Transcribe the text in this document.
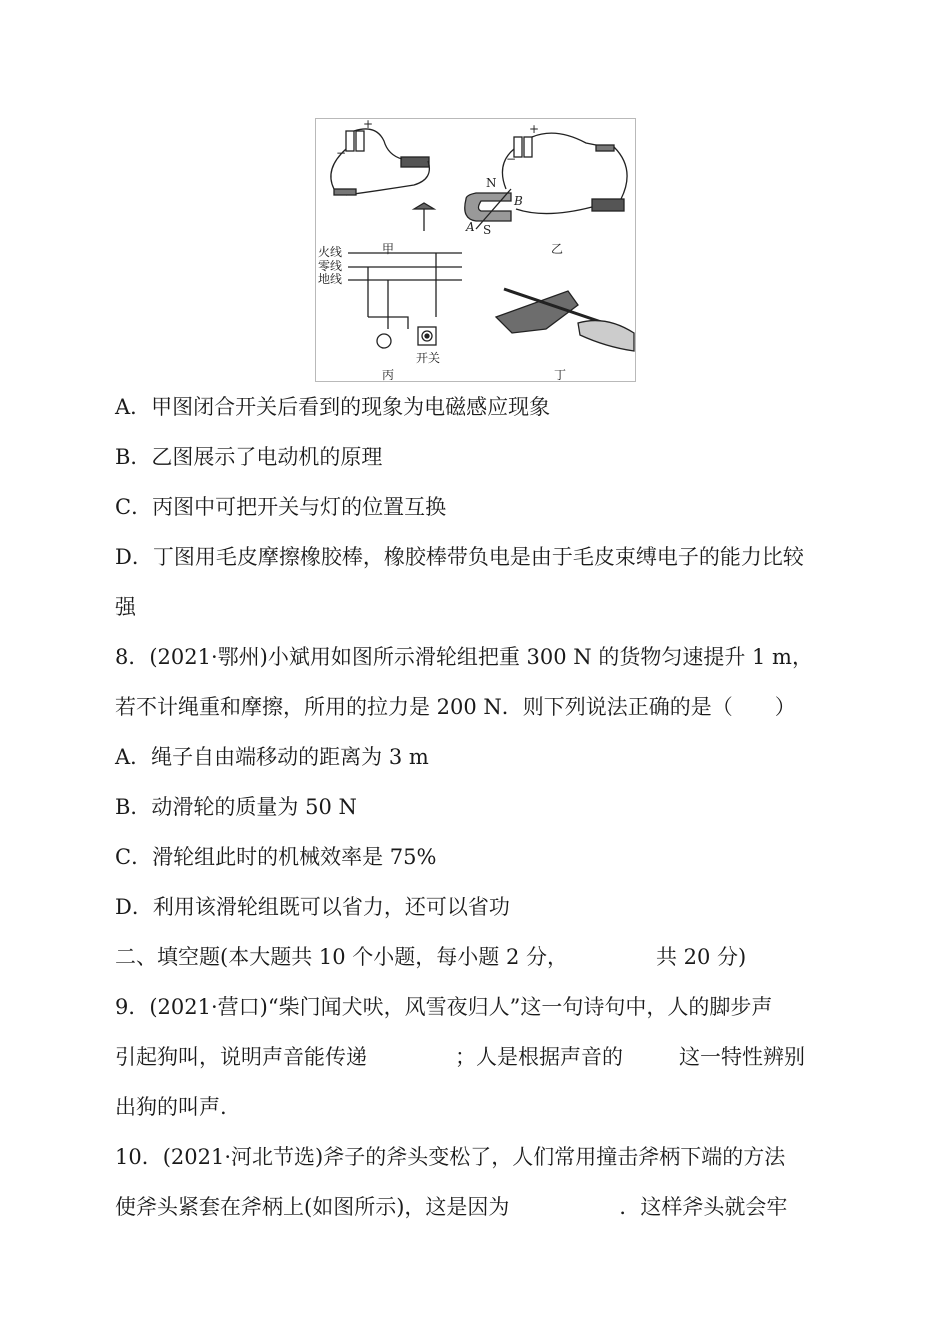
+
−
+
−
N
S
A
B
甲	乙
火线
零线
地线
开关
丙	丁
A．甲图闭合开关后看到的现象为电磁感应现象
B．乙图展示了电动机的原理
C．丙图中可把开关与灯的位置互换
D．丁图用毛皮摩擦橡胶棒，橡胶棒带负电是由于毛皮束缚电子的能力比较
强
8．(2021·鄂州)小斌用如图所示滑轮组把重 300 N 的货物匀速提升 1 m，
若不计绳重和摩擦，所用的拉力是 200 N．则下列说法正确的是（　　）
A．绳子自由端移动的距离为 3 m
B．动滑轮的质量为 50 N
C．滑轮组此时的机械效率是 75%
D．利用该滑轮组既可以省力，还可以省功
二、填空题(本大题共 10 个小题，每小题 2 分，	共 20 分)
9．(2021·营口)“柴门闻犬吠，风雪夜归人”这一句诗句中，人的脚步声
引起狗叫，说明声音能传递	；人是根据声音的	这一特性辨别
出狗的叫声.
10．(2021·河北节选)斧子的斧头变松了，人们常用撞击斧柄下端的方法
使斧头紧套在斧柄上(如图所示)，这是因为	．这样斧头就会牢
